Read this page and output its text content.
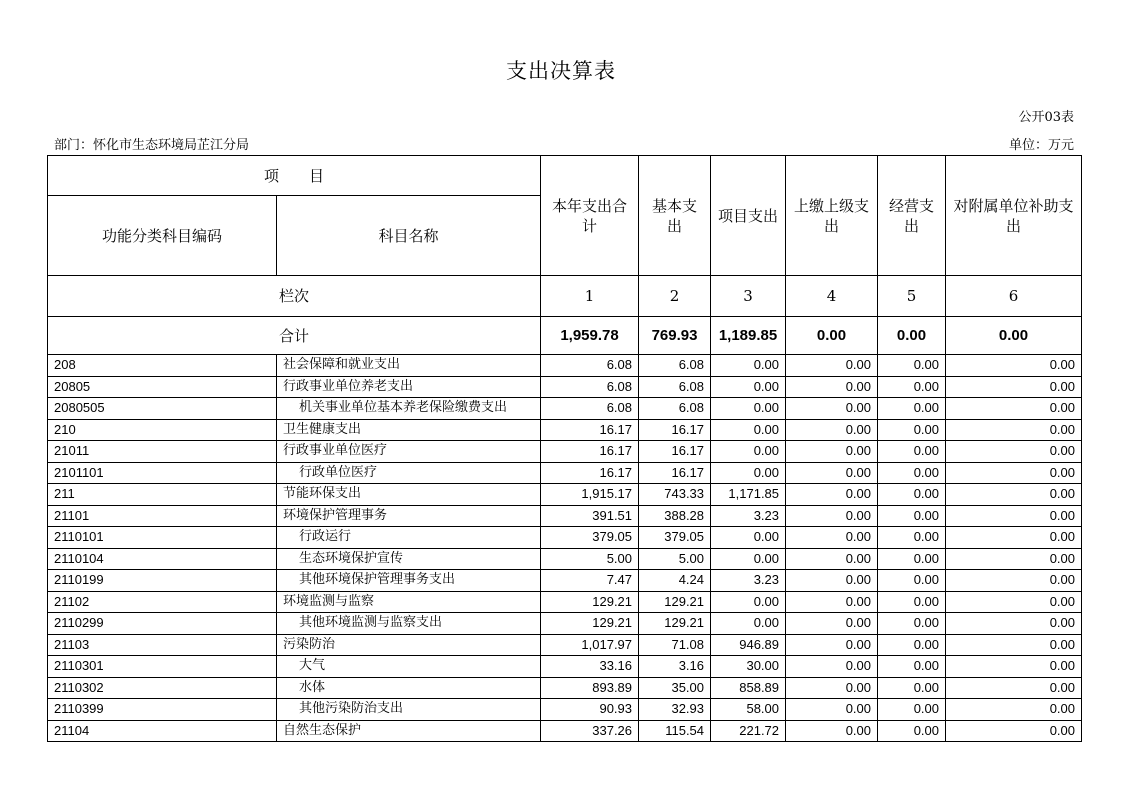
支出决算表
公开03表
部门：怀化市生态环境局芷江分局	单位：万元
项　　目		本年支出合计	基本支出	项目支出	上缴上级支出	经营支出	对附属单位补助支出
功能分类科目编码	科目名称						

栏次		1	2	3	4	5	6
合计		1,959.78	769.93	1,189.85	0.00	0.00	0.00
208	社会保障和就业支出	6.08	6.08	0.00	0.00	0.00	0.00
20805	行政事业单位养老支出	6.08	6.08	0.00	0.00	0.00	0.00
2080505	机关事业单位基本养老保险缴费支出	6.08	6.08	0.00	0.00	0.00	0.00
210	卫生健康支出	16.17	16.17	0.00	0.00	0.00	0.00
21011	行政事业单位医疗	16.17	16.17	0.00	0.00	0.00	0.00
2101101	行政单位医疗	16.17	16.17	0.00	0.00	0.00	0.00
211	节能环保支出	1,915.17	743.33	1,171.85	0.00	0.00	0.00
21101	环境保护管理事务	391.51	388.28	3.23	0.00	0.00	0.00
2110101	行政运行	379.05	379.05	0.00	0.00	0.00	0.00
2110104	生态环境保护宣传	5.00	5.00	0.00	0.00	0.00	0.00
2110199	其他环境保护管理事务支出	7.47	4.24	3.23	0.00	0.00	0.00
21102	环境监测与监察	129.21	129.21	0.00	0.00	0.00	0.00
2110299	其他环境监测与监察支出	129.21	129.21	0.00	0.00	0.00	0.00
21103	污染防治	1,017.97	71.08	946.89	0.00	0.00	0.00
2110301	大气	33.16	3.16	30.00	0.00	0.00	0.00
2110302	水体	893.89	35.00	858.89	0.00	0.00	0.00
2110399	其他污染防治支出	90.93	32.93	58.00	0.00	0.00	0.00
21104	自然生态保护	337.26	115.54	221.72	0.00	0.00	0.00
